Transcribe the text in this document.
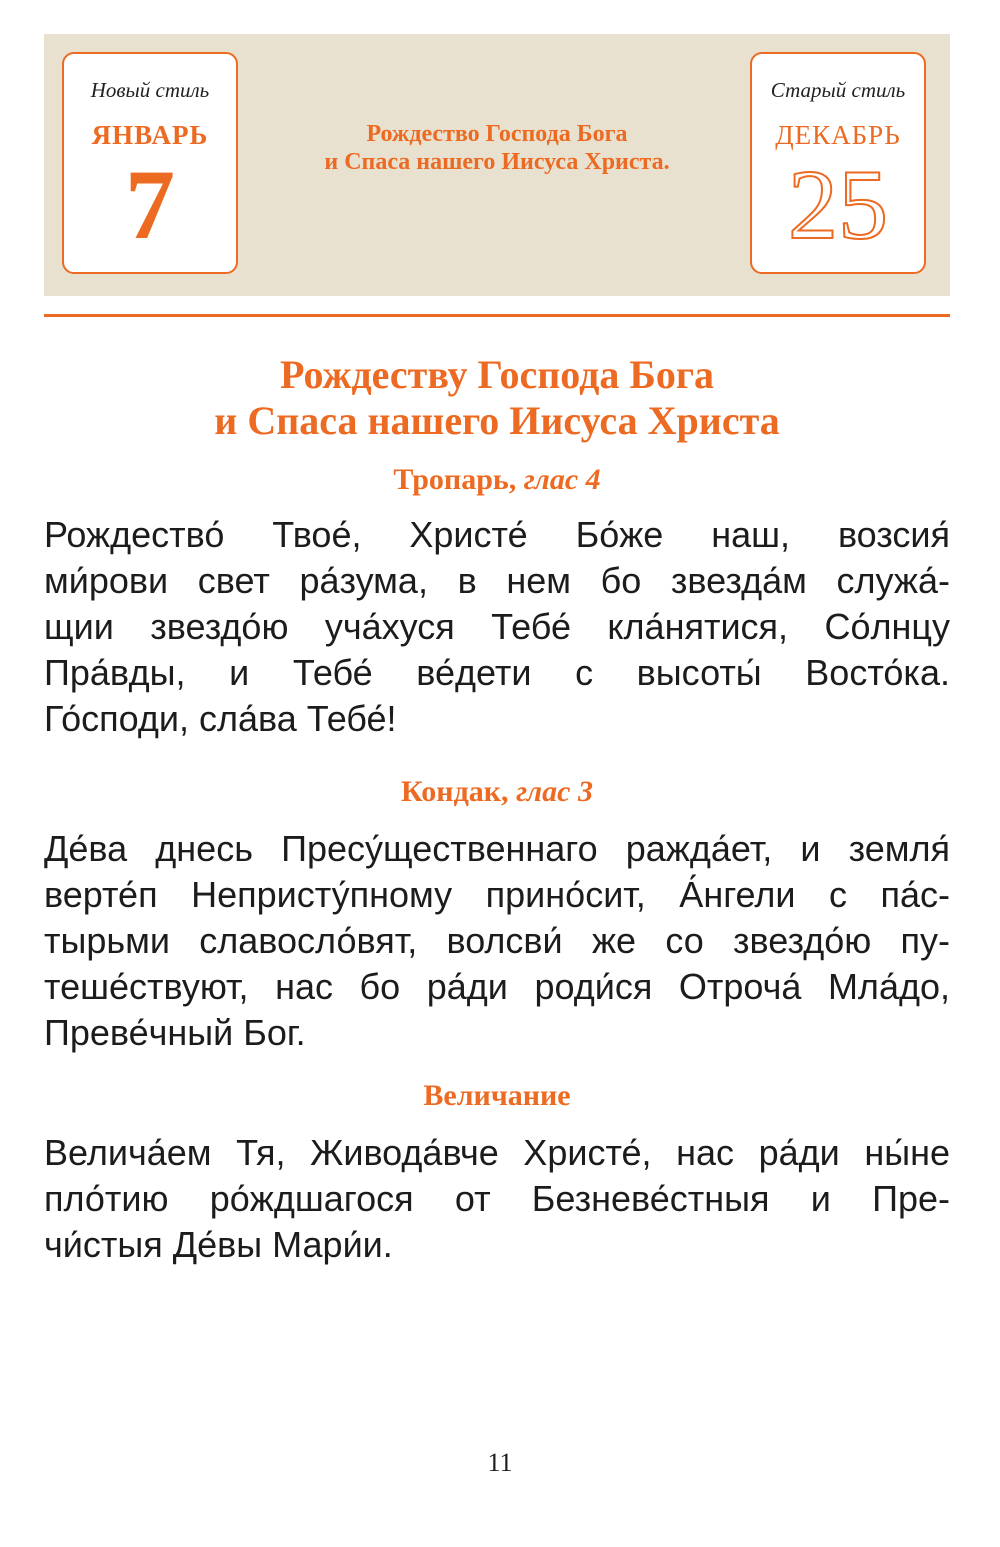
Новый стиль
ЯНВАРЬ
7
Рождество Господа Бога
и Спаса нашего Иисуса Христа.
Старый стиль
ДЕКАБРЬ
25
Рождеству Господа Бога
и Спаса нашего Иисуса Христа
Тропарь, глас 4
Рождество́ Твое́, Христе́ Бо́же наш, возсия́
ми́рови свет ра́зума, в нем бо звезда́м служа́-
щии звездо́ю уча́хуся Тебе́ кла́нятися, Со́лнцу
Пра́вды, и Тебе́ ве́дети с высоты́ Восто́ка.
Го́споди, сла́ва Тебе́!
Кондак, глас 3
Де́ва днесь Пресу́щественнаго ражда́ет, и земля́
верте́п Непристу́пному прино́сит, А́нгели с па́с-
тырьми славосло́вят, волсви́ же со звездо́ю пу-
теше́ствуют, нас бо ра́ди роди́ся Отроча́ Мла́до,
Преве́чный Бог.
Величание
Велича́ем Тя, Живода́вче Христе́, нас ра́ди ны́не
пло́тию ро́ждшагося от Безневе́стныя и Пре-
чи́стыя Де́вы Мари́и.
11
